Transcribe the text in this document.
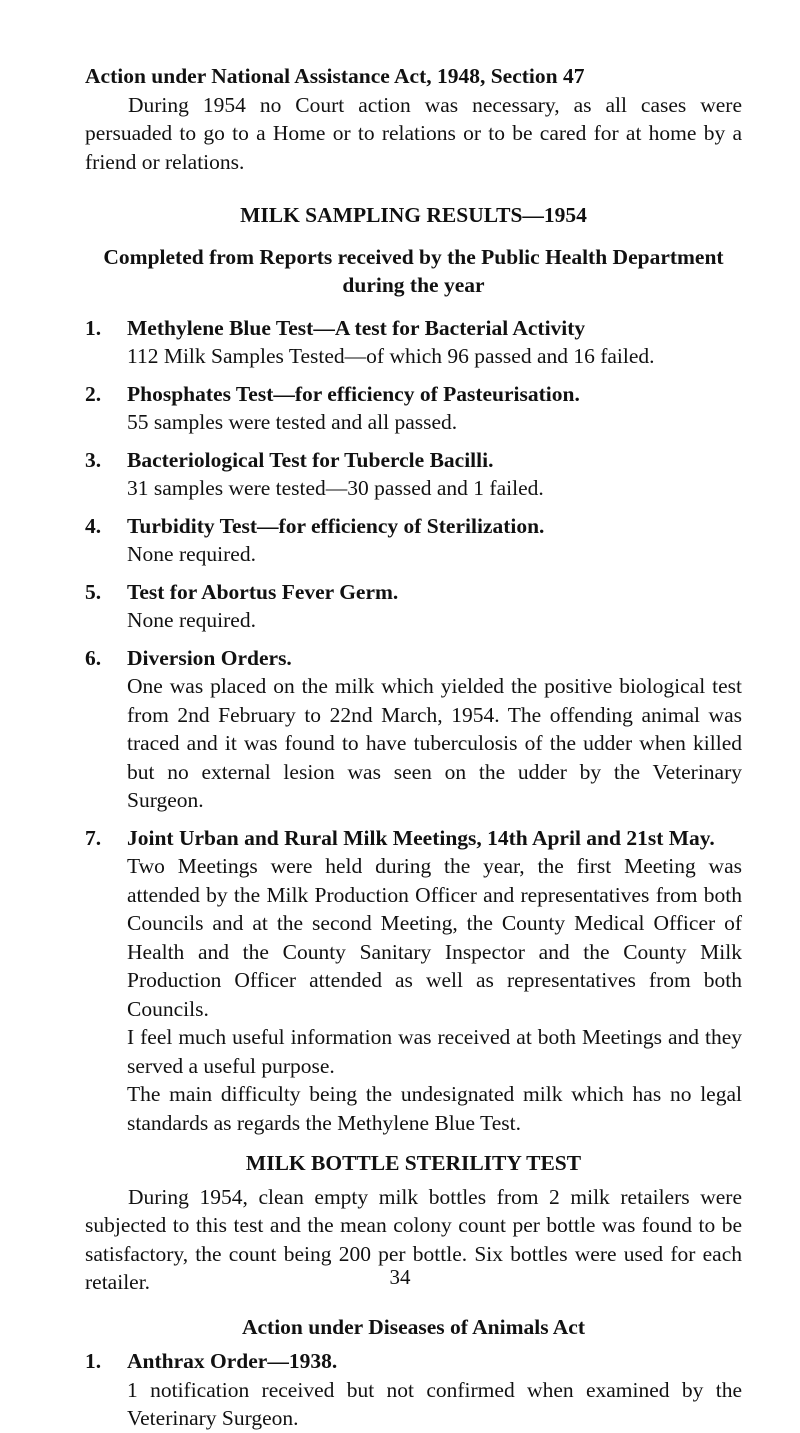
Action under National Assistance Act, 1948, Section 47

During 1954 no Court action was necessary, as all cases were persuaded to go to a Home or to relations or to be cared for at home by a friend or relations.

MILK SAMPLING RESULTS—1954

Completed from Reports received by the Public Health Department during the year

1.	Methylene Blue Test—A test for Bacterial Activity

112 Milk Samples Tested—of which 96 passed and 16 failed.

2.	Phosphates Test—for efficiency of Pasteurisation.

55 samples were tested and all passed.

3.	Bacteriological Test for Tubercle Bacilli.

31 samples were tested—30 passed and 1 failed.

4.	Turbidity Test—for efficiency of Sterilization.

None required.

5.	Test for Abortus Fever Germ.

None required.

6.	Diversion Orders.

One was placed on the milk which yielded the positive biological test from 2nd February to 22nd March, 1954. The offending animal was traced and it was found to have tuberculosis of the udder when killed but no external lesion was seen on the udder by the Veterinary Surgeon.

7.	Joint Urban and Rural Milk Meetings, 14th April and 21st May.

Two Meetings were held during the year, the first Meeting was attended by the Milk Production Officer and representatives from both Councils and at the second Meeting, the County Medical Officer of Health and the County Sanitary Inspector and the County Milk Production Officer attended as well as representatives from both Councils.

I feel much useful information was received at both Meetings and they served a useful purpose.

The main difficulty being the undesignated milk which has no legal standards as regards the Methylene Blue Test.

MILK BOTTLE STERILITY TEST

During 1954, clean empty milk bottles from 2 milk retailers were subjected to this test and the mean colony count per bottle was found to be satisfactory, the count being 200 per bottle. Six bottles were used for each retailer.

Action under Diseases of Animals Act

1.	Anthrax Order—1938.

1 notification received but not confirmed when examined by the Veterinary Surgeon.

34
